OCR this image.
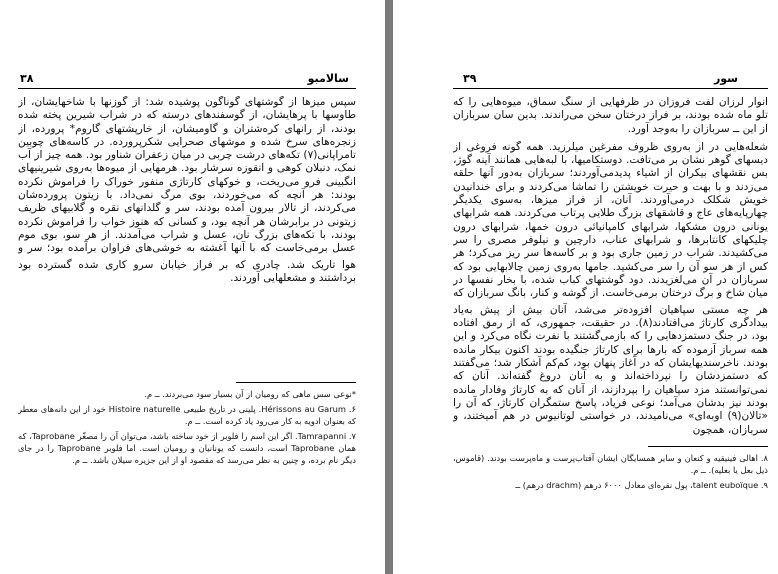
۳۸	سالامبو

سپس میزها از گوشتهای گوناگون پوشیده شد: از گوزنها با شاخهایشان، از طاوسها با پرهایشان، از گوسفندهای درسته که در شراب شیرین پخته شده بودند، از رانهای کره‌شتران و گاومیشان، از خارپشتهای گاروم* پرورده، از زنجره‌های سرخ شده و موشهای صحرایی شکرپرورده. در کاسه‌های چوبین تامراپانی(۷) تکه‌های درشت چربی در میان زعفران شناور بود. همه چیز از آب نمک، دنبلان کوهی و انقوزه سرشار بود. هرمهایی از میوه‌ها به‌روی شیرینیهای انگبینی فرو می‌ریخت، و خوکهای کارتاژی منفور خوراک را فراموش نکرده بودند: هر آنچه که می‌خوردند، بوی مرگ نمی‌داد. با زیتون پرورده‌شان می‌کردند، از تالار بیرون آمده بودند، سر و گلدانهای نقره و گلابیهای ظریف زیتونی در برابرشان هر آنچه بود، و کسانی که هنوز خواب را فراموش نکرده بودند، با تکه‌های بزرگ نان، عسل و شراب می‌آمدند. از هر سو، بوی موم عسل برمی‌خاست که با آنها آغشته به خوشی‌های فراوان برآمده بود؛ سر و

هوا تاریک شد. چادری که بر فراز خیابان سرو کاری شده گسترده بود برداشتند و مشعلهایی آوردند.

*نوعی سس ماهی که رومیان از آن بسیار سود می‌بردند. ــ م.

۶. Hérissons au Garum. پلینی در تاریخ طبیعی Histoire naturelle خود از این دانه‌های معطر که بعنوان ادویه به کار می‌رود یاد کرده است. ــ م.

۷. Tamrapanni. اگر این اسم را فلوبر از خود ساخته باشد، می‌توان آن را مصغّر Taprobane، که همان Taprobane است، دانست که یونانیان و رومیان است. اما فلوبر Taprobane را در جای دیگر نام برده، و چنین به نظر می‌رسد که مقصود او از این جزیره سیلان باشد. ــ م.

۳۹	سور

انوار لرزان لفت فروزان در ظرفهایی از سنگ سماق، میوه‌هایی را که تلو ماه شده بودند، بر فراز درختان سخن می‌راندند. بدین سان سربازان از این ــ سربازان را به‌وجد آورد.

شعله‌هایی در از به‌روی ظروف مفرغین میلرزید. همه گونه فروغی از دیسهای گوهر نشان بر می‌تافت. دوستکامیها، با لبه‌هایی همانند آینه گوژ، بس نقشهای بیکران از اشیاء پدیدمی‌آوردند؛ سربازان به‌دور آنها حلقه می‌زدند و با بهت و حیرت خویشتن را تماشا می‌کردند و برای خندانیدن خویش شکلک درمی‌آوردند. آنان، از فراز میزها، به‌سوی یکدیگر چهارپایه‌های عاج و قاشقهای بزرگ طلایی پرتاب می‌کردند. همه شرابهای یونانی درون مشکها، شرابهای کامپانیائی درون خمها، شرابهای درون چلیکهای کانتابرها، و شرابهای عناب، دارچین و نیلوفر مصری را سر می‌کشیدند. شراب در زمین جاری بود و بر کاسه‌ها سر ریز می‌کرد؛ هر کس از هر سو آن را سر می‌کشید. جامها به‌روی زمین چالابهایی بود که سربازان در آن می‌لغزیدند. دود گوشتهای کباب شده، با بخار نفسها در میان شاخ و برگ درختان برمی‌خاست. از گوشه و کنار، بانگ سربازان که

هر چه مستی سپاهیان افزوده‌تر می‌شد، آنان بیش از پیش به‌یاد بیدادگری کارتاژ می‌افتادند(۸). در حقیقت، جمهوری، که از رمق افتاده بود، در جنگ دستمزدهایی را که بازمی‌گشتند با نفرت نگاه می‌کرد و این همه سرباز آزموده که بارها برای کارتاژ جنگیده بودند اکنون بیکار مانده بودند. ناخرسندیهایشان که در آغاز پنهان بود، کم‌کم آشکار شد؛ می‌گفتند که دستمزدشان را نپرداخته‌اند و به آنان دروغ گفته‌اند. آنان که نمی‌توانستند مزد سپاهیان را بپردازند، از آنان که به کارتاژ وفادار مانده بودند نیز بدشان می‌آمد؛ نوعی فریاد، پاسخ ستمگران کارتاژ، که آن را «تالان(۹) اوبه‌ای» می‌نامیدند، در خواستی لوتانیوس در هم آمیختند، و سربازان، همچون

۸. اهالی فینیقیه و کنعان و سایر همسایگان ایشان آفتاب‌پرست و ماه‌پرست بودند. (قاموس، ذیل بعل یا بعلیه). ــ م.

۹. talent euboïque، پول نقره‌ای معادل ۶۰۰۰ درهم (drachm درهم) ــ
